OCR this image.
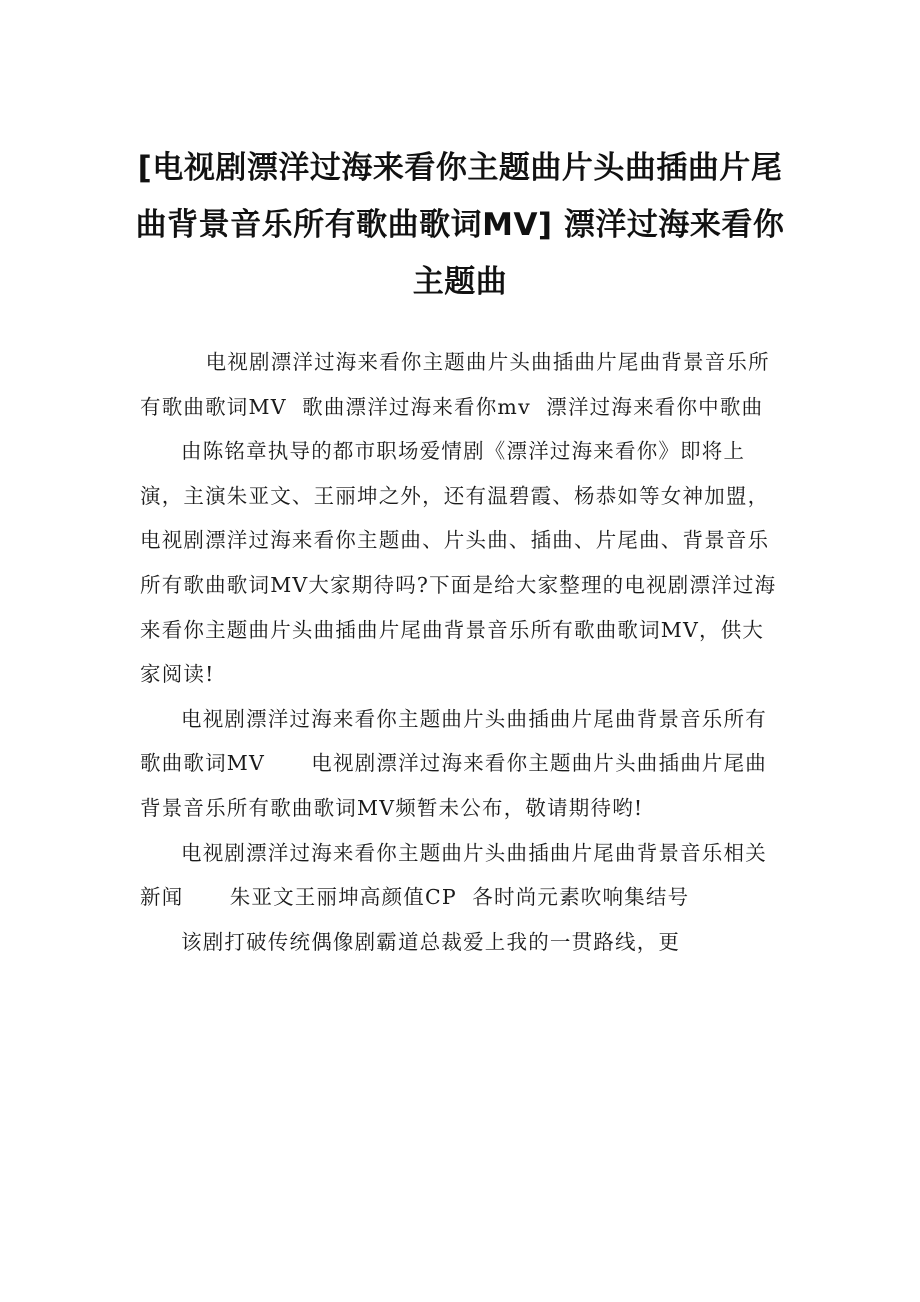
[电视剧漂洋过海来看你主题曲片头曲插曲片尾曲背景音乐所有歌曲歌词MV] 漂洋过海来看你主题曲

电视剧漂洋过海来看你主题曲片头曲插曲片尾曲背景音乐所有歌曲歌词MV  歌曲漂洋过海来看你mv  漂洋过海来看你中歌曲

由陈铭章执导的都市职场爱情剧《漂洋过海来看你》即将上演，主演朱亚文、王丽坤之外，还有温碧霞、杨恭如等女神加盟，电视剧漂洋过海来看你主题曲、片头曲、插曲、片尾曲、背景音乐所有歌曲歌词MV大家期待吗?下面是给大家整理的电视剧漂洋过海来看你主题曲片头曲插曲片尾曲背景音乐所有歌曲歌词MV，供大家阅读!

电视剧漂洋过海来看你主题曲片头曲插曲片尾曲背景音乐所有歌曲歌词MV      电视剧漂洋过海来看你主题曲片头曲插曲片尾曲背景音乐所有歌曲歌词MV频暂未公布，敬请期待哟!

电视剧漂洋过海来看你主题曲片头曲插曲片尾曲背景音乐相关新闻      朱亚文王丽坤高颜值CP  各时尚元素吹响集结号

该剧打破传统偶像剧霸道总裁爱上我的一贯路线，更
